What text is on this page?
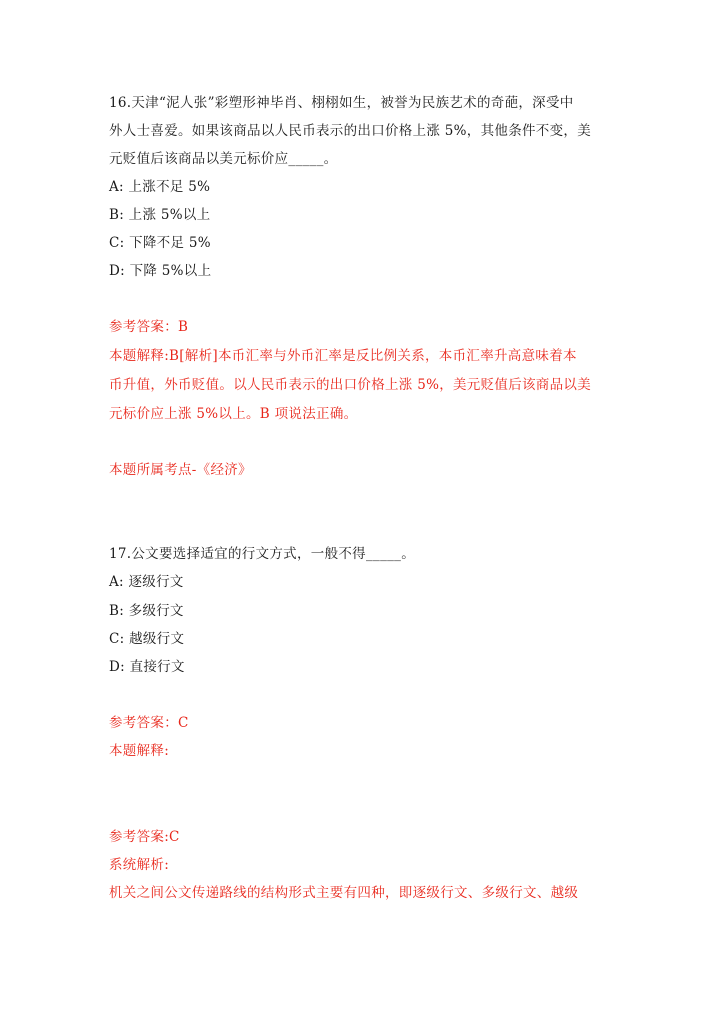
16.天津“泥人张”彩塑形神毕肖、栩栩如生，被誉为民族艺术的奇葩，深受中
外人士喜爱。如果该商品以人民币表示的出口价格上涨 5%，其他条件不变，美
元贬值后该商品以美元标价应_____。
A: 上涨不足 5%
B: 上涨 5%以上
C: 下降不足 5%
D: 下降 5%以上
参考答案：B
本题解释:B[解析]本币汇率与外币汇率是反比例关系，本币汇率升高意味着本
币升值，外币贬值。以人民币表示的出口价格上涨 5%，美元贬值后该商品以美
元标价应上涨 5%以上。B 项说法正确。
本题所属考点-《经济》
17.公文要选择适宜的行文方式，一般不得_____。
A: 逐级行文
B: 多级行文
C: 越级行文
D: 直接行文
参考答案：C
本题解释:
参考答案:C
系统解析:
机关之间公文传递路线的结构形式主要有四种，即逐级行文、多级行文、越级
